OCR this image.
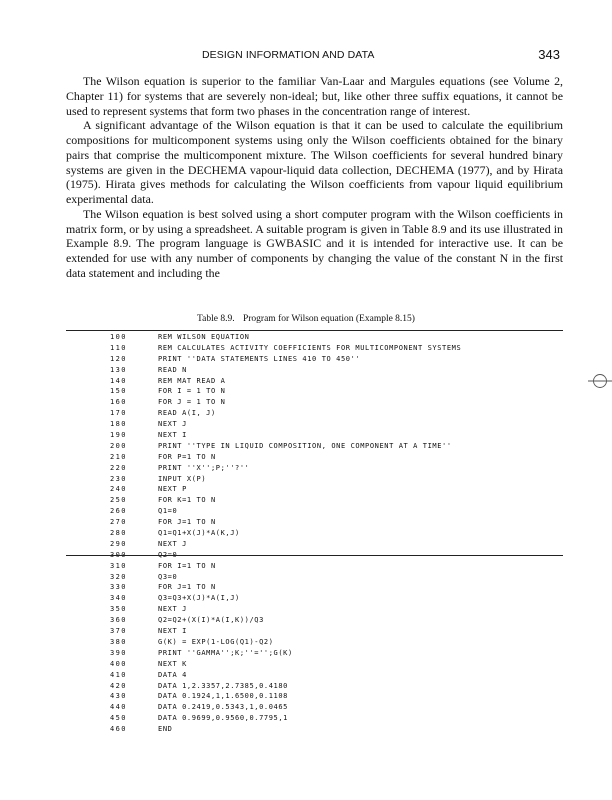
DESIGN INFORMATION AND DATA	343

The Wilson equation is superior to the familiar Van-Laar and Margules equations (see Volume 2, Chapter 11) for systems that are severely non-ideal; but, like other three suffix equations, it cannot be used to represent systems that form two phases in the concentration range of interest.

A significant advantage of the Wilson equation is that it can be used to calculate the equilibrium compositions for multicomponent systems using only the Wilson coefficients obtained for the binary pairs that comprise the multicomponent mixture. The Wilson coefficients for several hundred binary systems are given in the DECHEMA vapour-liquid data collection, DECHEMA (1977), and by Hirata (1975). Hirata gives methods for calculating the Wilson coefficients from vapour liquid equilibrium experimental data.

The Wilson equation is best solved using a short computer program with the Wilson coefficients in matrix form, or by using a spreadsheet. A suitable program is given in Table 8.9 and its use illustrated in Example 8.9. The program language is GWBASIC and it is intended for interactive use. It can be extended for use with any number of components by changing the value of the constant N in the first data statement and including the

Table 8.9. Program for Wilson equation (Example 8.15)
100	REM WILSON EQUATION
110	REM CALCULATES ACTIVITY COEFFICIENTS FOR MULTICOMPONENT SYSTEMS
120	PRINT ''DATA STATEMENTS LINES 410 TO 450''
130	READ N
140	REM MAT READ A
150	FOR I = 1 TO N
160	FOR J = 1 TO N
170	READ A(I, J)
180	NEXT J
190	NEXT I
200	PRINT ''TYPE IN LIQUID COMPOSITION, ONE COMPONENT AT A TIME''
210	FOR P=1 TO N
220	PRINT ''X'';P;''?''
230	INPUT X(P)
240	NEXT P
250	FOR K=1 TO N
260	Q1=0
270	FOR J=1 TO N
280	Q1=Q1+X(J)*A(K,J)
290	NEXT J
300	Q2=0
310	FOR I=1 TO N
320	Q3=0
330	FOR J=1 TO N
340	Q3=Q3+X(J)*A(I,J)
350	NEXT J
360	Q2=Q2+(X(I)*A(I,K))/Q3
370	NEXT I
380	G(K) = EXP(1-LOG(Q1)-Q2)
390	PRINT ''GAMMA'';K;''='';G(K)
400	NEXT K
410	DATA 4
420	DATA 1,2.3357,2.7385,0.4180
430	DATA 0.1924,1,1.6500,0.1108
440	DATA 0.2419,0.5343,1,0.0465
450	DATA 0.9699,0.9560,0.7795,1
460	END
